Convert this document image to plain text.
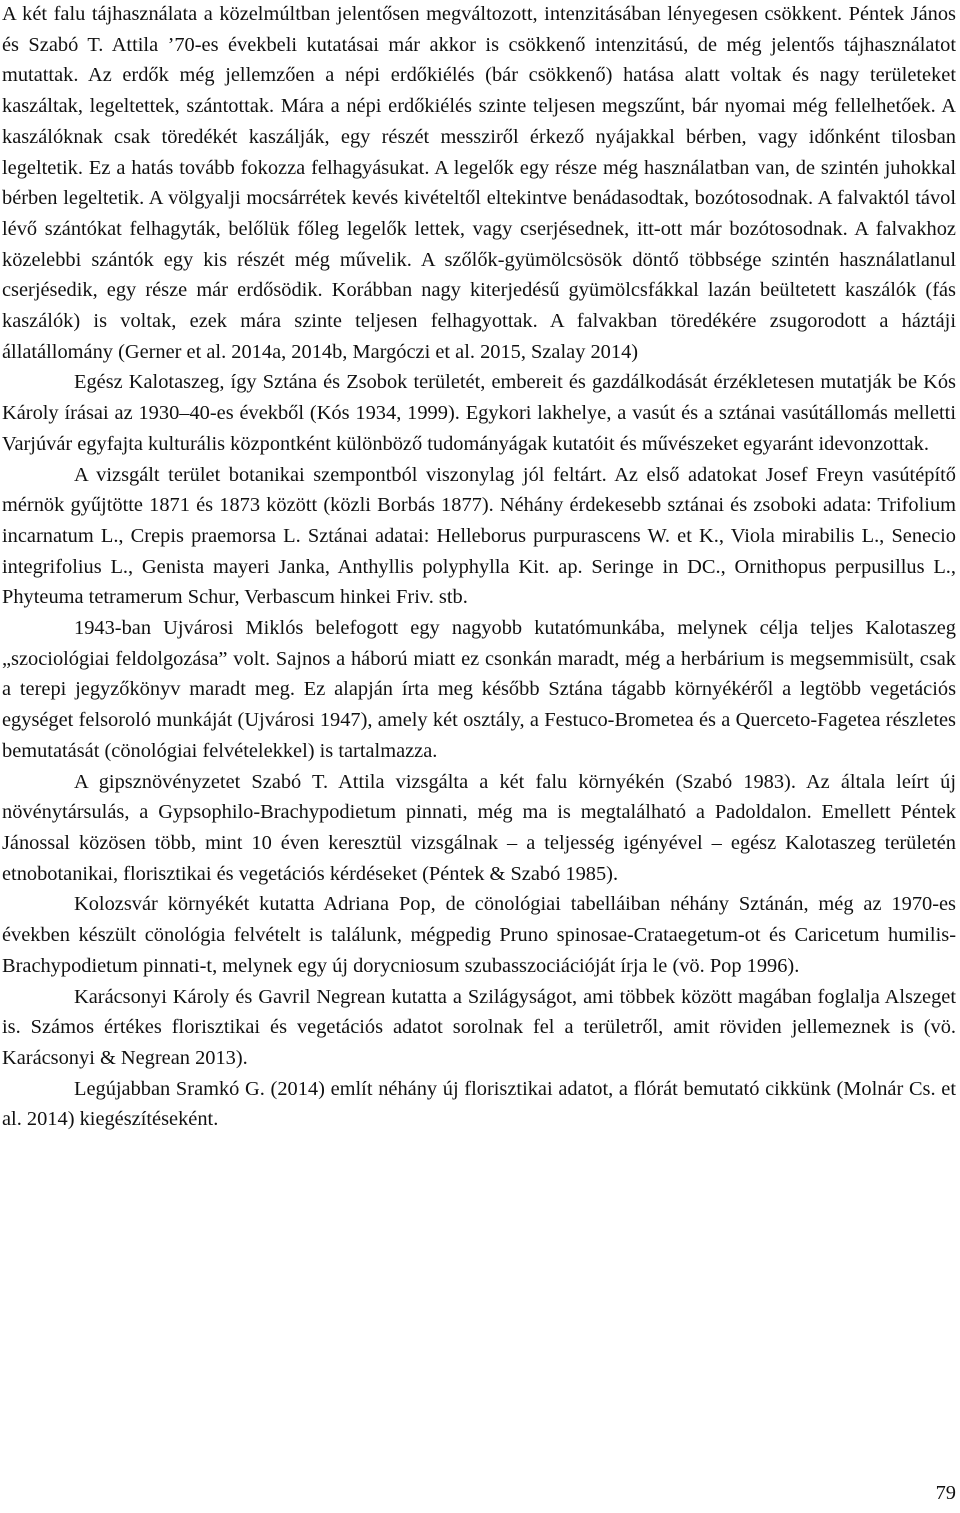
A két falu tájhasználata a közelmúltban jelentősen megváltozott, intenzitásában lényegesen csökkent. Péntek János és Szabó T. Attila ’70-es évekbeli kutatásai már akkor is csökkenő intenzitású, de még jelentős tájhasználatot mutattak. Az erdők még jellemzően a népi erdőkiélés (bár csökkenő) hatása alatt voltak és nagy területeket kaszáltak, legeltettek, szántottak. Mára a népi erdőkiélés szinte teljesen megszűnt, bár nyomai még fellelhetőek. A kaszálóknak csak töredékét kaszálják, egy részét messziről érkező nyájakkal bérben, vagy időnként tilosban legeltetik. Ez a hatás tovább fokozza felhagyásukat. A legelők egy része még használatban van, de szintén juhokkal bérben legeltetik. A völgyalji mocsárrétek kevés kivételtől eltekintve benádasodtak, bozótosodnak. A falvaktól távol lévő szántókat felhagyták, belőlük főleg legelők lettek, vagy cserjésednek, itt-ott már bozótosodnak. A falvakhoz közelebbi szántók egy kis részét még művelik. A szőlők-gyümölcsösök döntő többsége szintén használatlanul cserjésedik, egy része már erdősödik. Korábban nagy kiterjedésű gyümölcsfákkal lazán beültetett kaszálók (fás kaszálók) is voltak, ezek mára szinte teljesen felhagyottak. A falvakban töredékére zsugorodott a háztáji állatállomány (Gerner et al. 2014a, 2014b, Margóczi et al. 2015, Szalay 2014)

Egész Kalotaszeg, így Sztána és Zsobok területét, embereit és gazdálkodását érzékletesen mutatják be Kós Károly írásai az 1930–40-es évekből (Kós 1934, 1999). Egykori lakhelye, a vasút és a sztánai vasútállomás melletti Varjúvár egyfajta kulturális központként különböző tudományágak kutatóit és művészeket egyaránt idevonzottak.

A vizsgált terület botanikai szempontból viszonylag jól feltárt. Az első adatokat Josef Freyn vasútépítő mérnök gyűjtötte 1871 és 1873 között (közli Borbás 1877). Néhány érdekesebb sztánai és zsoboki adata: Trifolium incarnatum L., Crepis praemorsa L. Sztánai adatai: Helleborus purpurascens W. et K., Viola mirabilis L., Senecio integrifolius L., Genista mayeri Janka, Anthyllis polyphylla Kit. ap. Seringe in DC., Ornithopus perpusillus L., Phyteuma tetramerum Schur, Verbascum hinkei Friv. stb.

1943-ban Ujvárosi Miklós belefogott egy nagyobb kutatómunkába, melynek célja teljes Kalotaszeg „szociológiai feldolgozása” volt. Sajnos a háború miatt ez csonkán maradt, még a herbárium is megsemmisült, csak a terepi jegyzőkönyv maradt meg. Ez alapján írta meg később Sztána tágabb környékéről a legtöbb vegetációs egységet felsoroló munkáját (Ujvárosi 1947), amely két osztály, a Festuco-Brometea és a Querceto-Fagetea részletes bemutatását (cönológiai felvételekkel) is tartalmazza.

A gipsznövényzetet Szabó T. Attila vizsgálta a két falu környékén (Szabó 1983). Az általa leírt új növénytársulás, a Gypsophilo-Brachypodietum pinnati, még ma is megtalálható a Padoldalon. Emellett Péntek Jánossal közösen több, mint 10 éven keresztül vizsgálnak – a teljesség igényével – egész Kalotaszeg területén etnobotanikai, florisztikai és vegetációs kérdéseket (Péntek & Szabó 1985).

Kolozsvár környékét kutatta Adriana Pop, de cönológiai tabelláiban néhány Sztánán, még az 1970-es években készült cönológia felvételt is találunk, mégpedig Pruno spinosae-Crataegetum-ot és Caricetum humilis-Brachypodietum pinnati-t, melynek egy új dorycniosum szubasszociációját írja le (vö. Pop 1996).

Karácsonyi Károly és Gavril Negrean kutatta a Szilágyságot, ami többek között magában foglalja Alszeget is. Számos értékes florisztikai és vegetációs adatot sorolnak fel a területről, amit röviden jellemeznek is (vö. Karácsonyi & Negrean 2013).

Legújabban Sramkó G. (2014) említ néhány új florisztikai adatot, a flórát bemutató cikkünk (Molnár Cs. et al. 2014) kiegészítéseként.

79
